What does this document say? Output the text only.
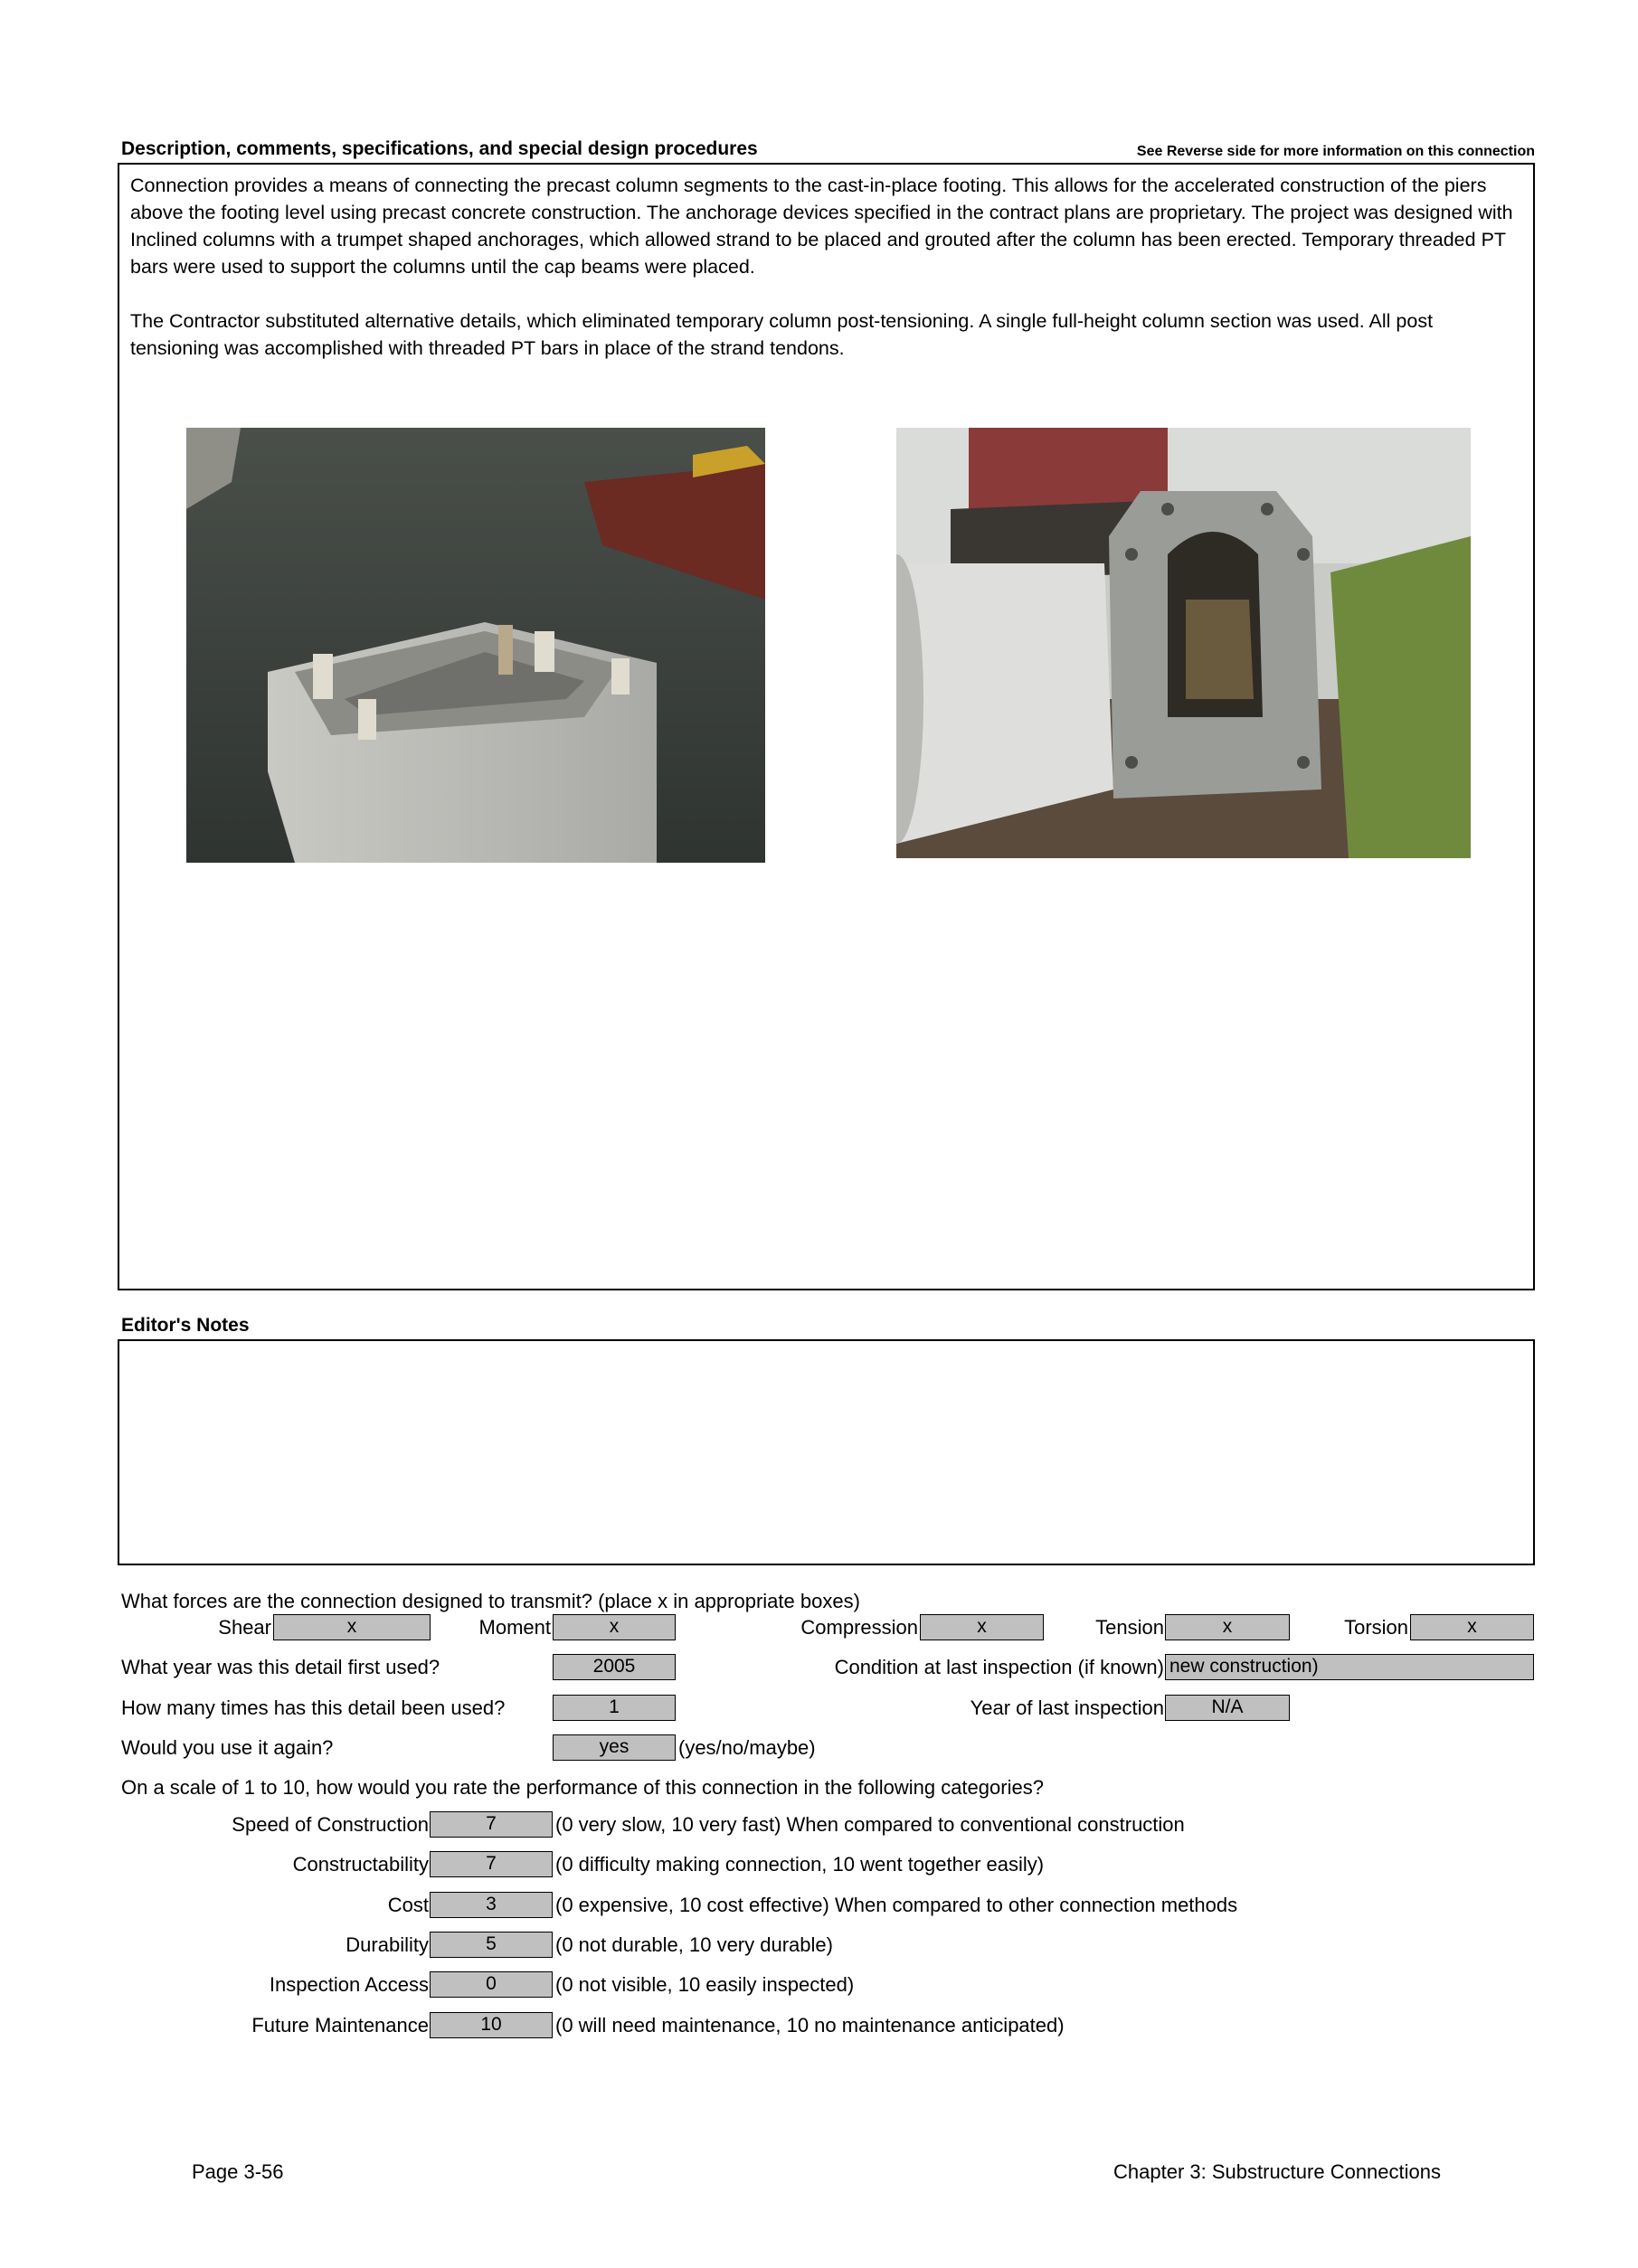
Description, comments, specifications, and special design procedures	See Reverse side for more information on this connection

Connection provides a means of connecting the precast column segments to the cast-in-place footing. This allows for the accelerated construction of the piers above the footing level using precast concrete construction. The anchorage devices specified in the contract plans are proprietary. The project was designed with Inclined columns with a trumpet shaped anchorages, which allowed strand to be placed and grouted after the column has been erected. Temporary threaded PT bars were used to support the columns until the cap beams were placed.

The Contractor substituted alternative details, which eliminated temporary column post-tensioning. A single full-height column section was used. All post tensioning was accomplished with threaded PT bars in place of the strand tendons.

Editor's Notes
What forces are the connection designed to transmit? (place x in appropriate boxes)
Shear	x	Moment	x	Compression	x	Tension	x	Torsion	x
What year was this detail first used?	2005	Condition at last inspection (if known) new construction)
How many times has this detail been used?	1	Year of last inspection	N/A
Would you use it again?	yes	(yes/no/maybe)
On a scale of 1 to 10, how would you rate the performance of this connection in the following categories?
Speed of Construction	7	(0 very slow, 10 very fast) When compared to conventional construction
Constructability	7	(0 difficulty making connection, 10 went together easily)
Cost	3	(0 expensive, 10 cost effective) When compared to other connection methods
Durability	5	(0 not durable, 10 very durable)
Inspection Access	0	(0 not visible, 10 easily inspected)
Future Maintenance	10	(0 will need maintenance, 10 no maintenance anticipated)
Page 3-56	Chapter 3: Substructure Connections
